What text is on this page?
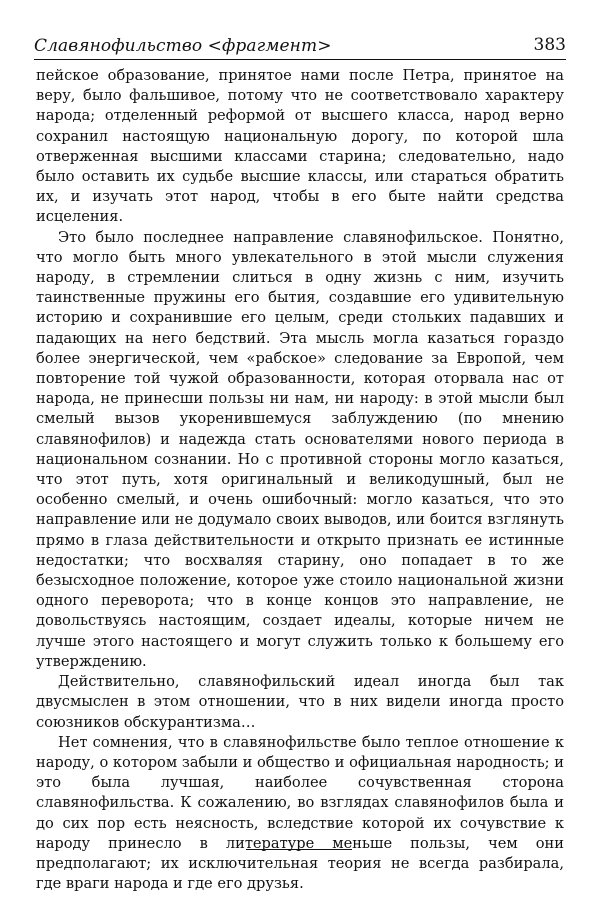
Славянофильство <фрагмент>	383

пейское образование, принятое нами после Петра, принятое на веру, было фальшивое, потому что не соответствовало характеру народа; отделенный реформой от высшего класса, народ верно сохранил настоящую национальную дорогу, по которой шла отверженная высшими классами старина; следовательно, надо было оставить их судьбе высшие классы, или стараться обратить их, и изучать этот народ, чтобы в его быте найти средства исцеления.

Это было последнее направление славянофильское. Понятно, что могло быть много увлекательного в этой мысли служения народу, в стремлении слиться в одну жизнь с ним, изучить таинственные пружины его бытия, создавшие его удивительную историю и сохранившие его целым, среди стольких падавших и падающих на него бедствий. Эта мысль могла казаться гораздо более энергической, чем «рабское» следование за Европой, чем повторение той чужой образованности, которая оторвала нас от народа, не принесши пользы ни нам, ни народу: в этой мысли был смелый вызов укоренившемуся заблуждению (по мнению славянофилов) и надежда стать основателями нового периода в национальном сознании. Но с противной стороны могло казаться, что этот путь, хотя оригинальный и великодушный, был не особенно смелый, и очень ошибочный: могло казаться, что это направление или не додумало своих выводов, или боится взглянуть прямо в глаза действительности и открыто признать ее истинные недостатки; что восхваляя старину, оно попадает в то же безысходное положение, которое уже стоило национальной жизни одного переворота; что в конце концов это направление, не довольствуясь настоящим, создает идеалы, которые ничем не лучше этого настоящего и могут служить только к большему его утверждению.

Действительно, славянофильский идеал иногда был так двусмыслен в этом отношении, что в них видели иногда просто союзников обскурантизма…

Нет сомнения, что в славянофильстве было теплое отношение к народу, о котором забыли и общество и официальная народность; и это была лучшая, наиболее сочувственная сторона славянофильства. К сожалению, во взглядах славянофилов была и до сих пор есть неясность, вследствие которой их сочувствие к народу принесло в литературе меньше пользы, чем они предполагают; их исключительная теория не всегда разбирала, где враги народа и где его друзья.
